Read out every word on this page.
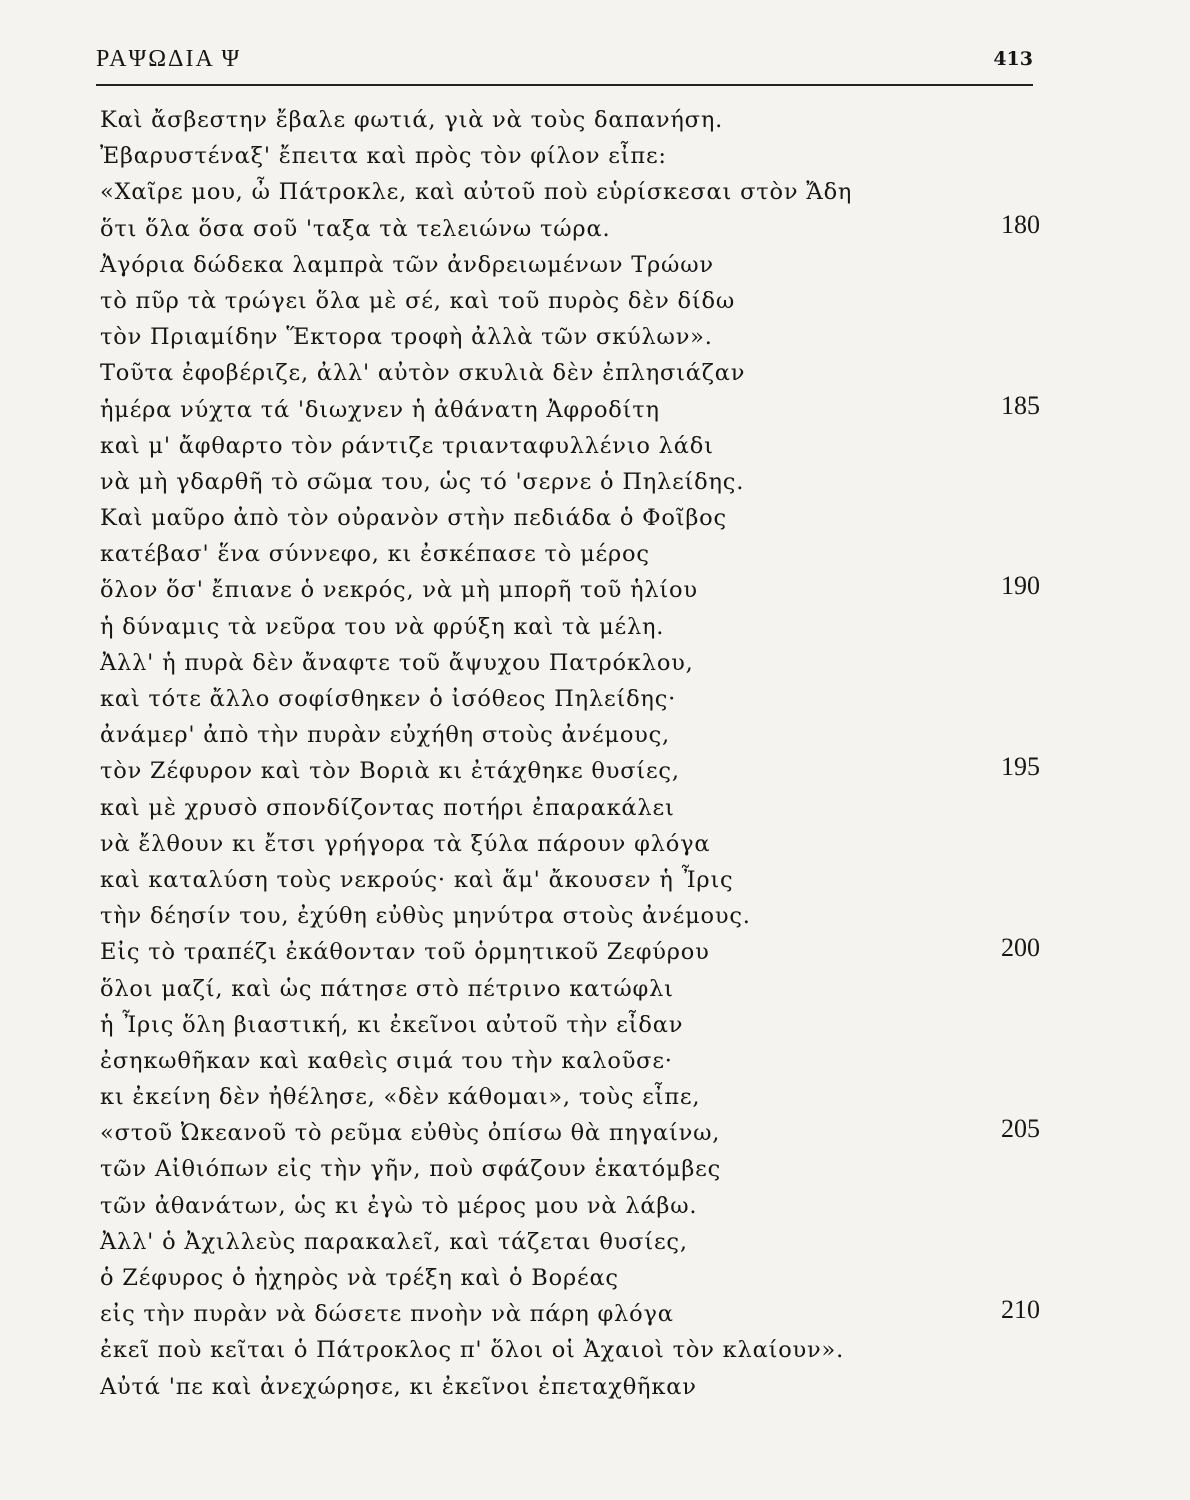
ΡΑΨΩΔΙΑ Ψ	413
Καὶ ἄσβεστην ἔβαλε φωτιά, γιὰ νὰ τοὺς δαπανήση.
Ἐβαρυστέναξ' ἔπειτα καὶ πρὸς τὸν φίλον εἶπε:
«Χαῖρε μου, ὦ Πάτροκλε, καὶ αὐτοῦ ποὺ εὑρίσκεσαι στὸν Ἄδη
ὅτι ὅλα ὅσα σοῦ 'ταξα τὰ τελειώνω τώρα.	180
Ἀγόρια δώδεκα λαμπρὰ τῶν ἀνδρειωμένων Τρώων
τὸ πῦρ τὰ τρώγει ὅλα μὲ σέ, καὶ τοῦ πυρὸς δὲν δίδω
τὸν Πριαμίδην Ἕκτορα τροφὴ ἀλλὰ τῶν σκύλων».
Τοῦτα ἐφοβέριζε, ἀλλ' αὐτὸν σκυλιὰ δὲν ἐπλησιάζαν
ἡμέρα νύχτα τά 'διωχνεν ἡ ἀθάνατη Ἀφροδίτη	185
καὶ μ' ἄφθαρτο τὸν ράντιζε τριανταφυλλένιο λάδι
νὰ μὴ γδαρθῆ τὸ σῶμα του, ὡς τό 'σερνε ὁ Πηλείδης.
Καὶ μαῦρο ἀπὸ τὸν οὐρανὸν στὴν πεδιάδα ὁ Φοῖβος
κατέβασ' ἕνα σύννεφο, κι ἐσκέπασε τὸ μέρος
ὅλον ὅσ' ἔπιανε ὁ νεκρός, νὰ μὴ μπορῆ τοῦ ἡλίου	190
ἡ δύναμις τὰ νεῦρα του νὰ φρύξη καὶ τὰ μέλη.
Ἀλλ' ἡ πυρὰ δὲν ἄναφτε τοῦ ἄψυχου Πατρόκλου,
καὶ τότε ἄλλο σοφίσθηκεν ὁ ἰσόθεος Πηλείδης·
ἀνάμερ' ἀπὸ τὴν πυρὰν εὐχήθη στοὺς ἀνέμους,
τὸν Ζέφυρον καὶ τὸν Βοριὰ κι ἐτάχθηκε θυσίες,	195
καὶ μὲ χρυσὸ σπονδίζοντας ποτήρι ἐπαρακάλει
νὰ ἔλθουν κι ἔτσι γρήγορα τὰ ξύλα πάρουν φλόγα
καὶ καταλύση τοὺς νεκρούς· καὶ ἅμ' ἄκουσεν ἡ Ἶρις
τὴν δέησίν του, ἐχύθη εὐθὺς μηνύτρα στοὺς ἀνέμους.
Εἰς τὸ τραπέζι ἐκάθονταν τοῦ ὁρμητικοῦ Ζεφύρου	200
ὅλοι μαζί, καὶ ὡς πάτησε στὸ πέτρινο κατώφλι
ἡ Ἶρις ὅλη βιαστική, κι ἐκεῖνοι αὐτοῦ τὴν εἶδαν
ἐσηκωθῆκαν καὶ καθεὶς σιμά του τὴν καλοῦσε·
κι ἐκείνη δὲν ἠθέλησε, «δὲν κάθομαι», τοὺς εἶπε,
«στοῦ Ὠκεανοῦ τὸ ρεῦμα εὐθὺς ὀπίσω θὰ πηγαίνω,	205
τῶν Αἰθιόπων εἰς τὴν γῆν, ποὺ σφάζουν ἑκατόμβες
τῶν ἀθανάτων, ὡς κι ἐγὼ τὸ μέρος μου νὰ λάβω.
Ἀλλ' ὁ Ἀχιλλεὺς παρακαλεῖ, καὶ τάζεται θυσίες,
ὁ Ζέφυρος ὁ ἠχηρὸς νὰ τρέξη καὶ ὁ Βορέας
εἰς τὴν πυρὰν νὰ δώσετε πνοὴν νὰ πάρη φλόγα	210
ἐκεῖ ποὺ κεῖται ὁ Πάτροκλος π' ὅλοι οἱ Ἀχαιοὶ τὸν κλαίουν».
Αὐτά 'πε καὶ ἀνεχώρησε, κι ἐκεῖνοι ἐπεταχθῆκαν
